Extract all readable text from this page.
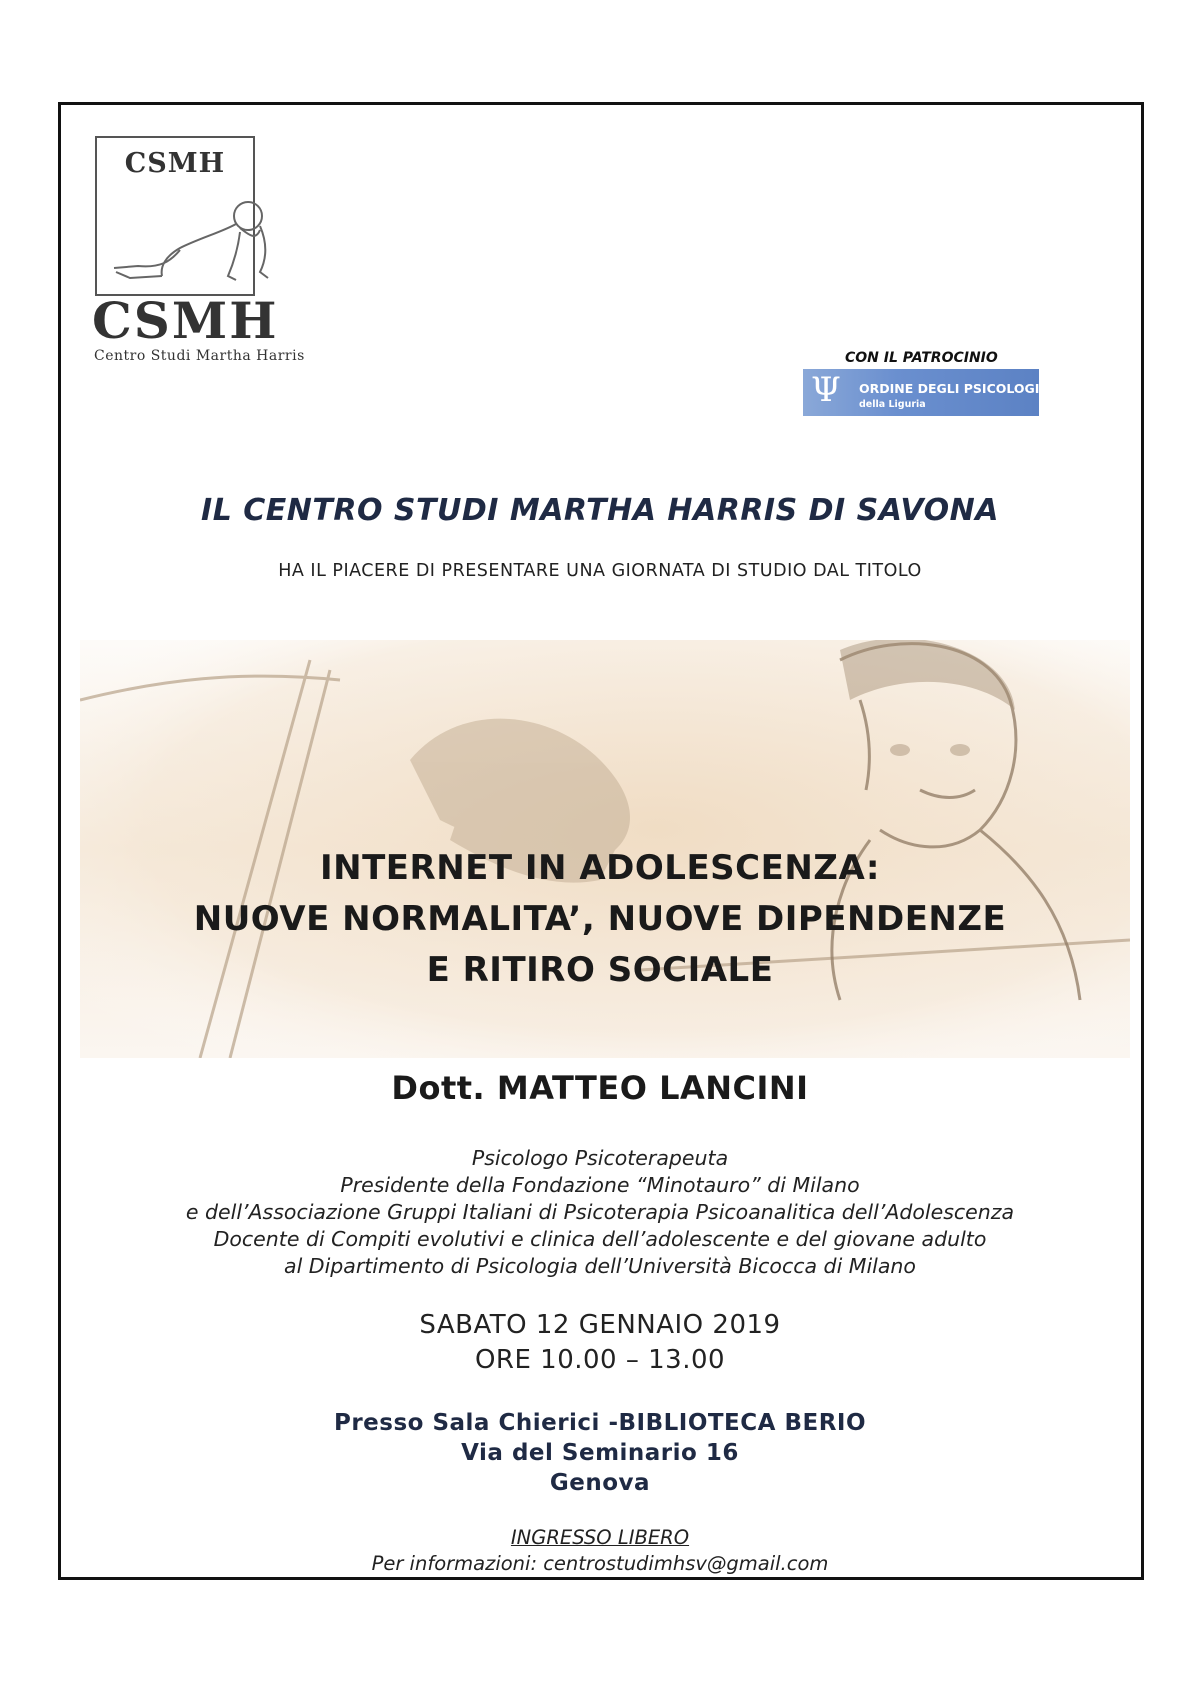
CSMH
CSMH
Centro Studi Martha Harris	CON IL PATROCINIO
Ψ ORDINE DEGLI PSICOLOGI
della Liguria
IL CENTRO STUDI MARTHA HARRIS DI SAVONA
HA IL PIACERE DI PRESENTARE UNA GIORNATA DI STUDIO DAL TITOLO
INTERNET IN ADOLESCENZA:
NUOVE NORMALITA’, NUOVE DIPENDENZE
E RITIRO SOCIALE
Dott. MATTEO LANCINI
Psicologo Psicoterapeuta
Presidente della Fondazione “Minotauro” di Milano
e dell’Associazione Gruppi Italiani di Psicoterapia Psicoanalitica dell’Adolescenza
Docente di Compiti evolutivi e clinica dell’adolescente e del giovane adulto
al Dipartimento di Psicologia dell’Università Bicocca di Milano
SABATO 12 GENNAIO 2019
ORE 10.00 – 13.00
Presso Sala Chierici -BIBLIOTECA BERIO
Via del Seminario 16
Genova
INGRESSO LIBERO
Per informazioni: centrostudimhsv@gmail.com
